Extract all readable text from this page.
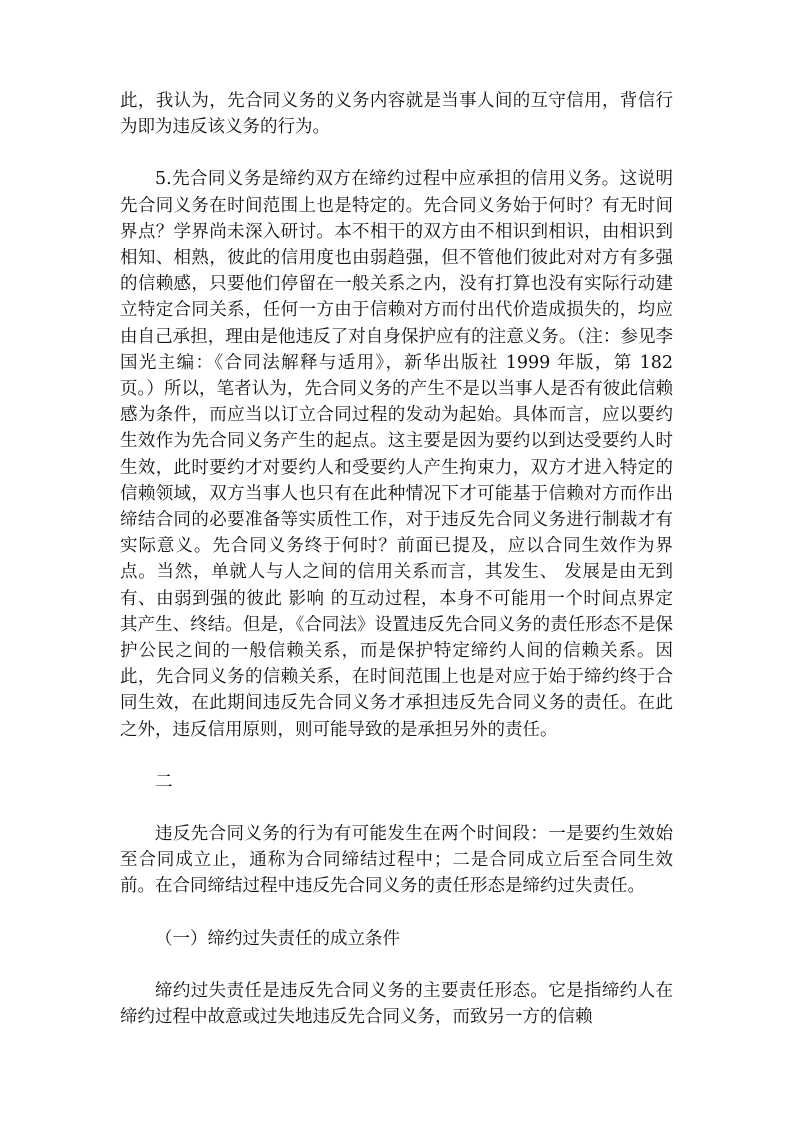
此，我认为，先合同义务的义务内容就是当事人间的互守信用，背信行为即为违反该义务的行为。

5.先合同义务是缔约双方在缔约过程中应承担的信用义务。这说明先合同义务在时间范围上也是特定的。先合同义务始于何时？有无时间界点？学界尚未深入研讨。本不相干的双方由不相识到相识，由相识到相知、相熟，彼此的信用度也由弱趋强，但不管他们彼此对对方有多强的信赖感，只要他们停留在一般关系之内，没有打算也没有实际行动建立特定合同关系，任何一方由于信赖对方而付出代价造成损失的，均应由自己承担，理由是他违反了对自身保护应有的注意义务。（注：参见李国光主编：《合同法解释与适用》，新华出版社 1999 年版，第 182 页。）所以，笔者认为，先合同义务的产生不是以当事人是否有彼此信赖感为条件，而应当以订立合同过程的发动为起始。具体而言，应以要约生效作为先合同义务产生的起点。这主要是因为要约以到达受要约人时生效，此时要约才对要约人和受要约人产生拘束力，双方才进入特定的信赖领域，双方当事人也只有在此种情况下才可能基于信赖对方而作出缔结合同的必要准备等实质性工作，对于违反先合同义务进行制裁才有实际意义。先合同义务终于何时？前面已提及，应以合同生效作为界点。当然，单就人与人之间的信用关系而言，其发生、 发展是由无到有、由弱到强的彼此 影响 的互动过程，本身不可能用一个时间点界定其产生、终结。但是，《合同法》设置违反先合同义务的责任形态不是保护公民之间的一般信赖关系，而是保护特定缔约人间的信赖关系。因此，先合同义务的信赖关系，在时间范围上也是对应于始于缔约终于合同生效，在此期间违反先合同义务才承担违反先合同义务的责任。在此之外，违反信用原则，则可能导致的是承担另外的责任。

二

违反先合同义务的行为有可能发生在两个时间段：一是要约生效始至合同成立止，通称为合同缔结过程中；二是合同成立后至合同生效前。在合同缔结过程中违反先合同义务的责任形态是缔约过失责任。

（一）缔约过失责任的成立条件

缔约过失责任是违反先合同义务的主要责任形态。它是指缔约人在缔约过程中故意或过失地违反先合同义务，而致另一方的信赖
